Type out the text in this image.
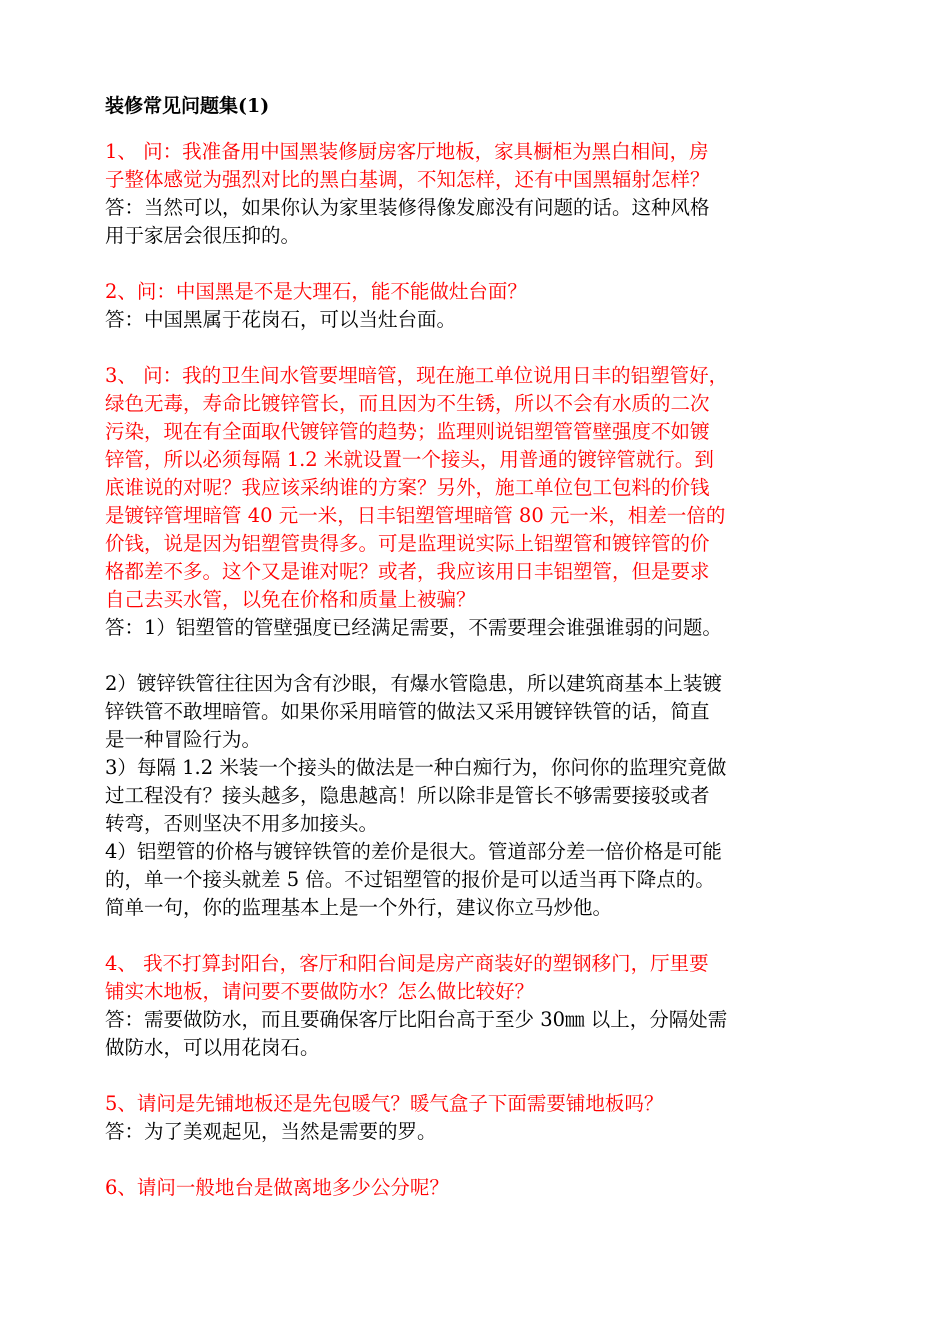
装修常见问题集(1)

1、 问：我准备用中国黑装修厨房客厅地板，家具橱柜为黑白相间，房

子整体感觉为强烈对比的黑白基调，不知怎样，还有中国黑辐射怎样？

答：当然可以，如果你认为家里装修得像发廊没有问题的话。这种风格

用于家居会很压抑的。

2、问：中国黑是不是大理石，能不能做灶台面？

答：中国黑属于花岗石，可以当灶台面。

3、 问：我的卫生间水管要埋暗管，现在施工单位说用日丰的铝塑管好，

绿色无毒，寿命比镀锌管长，而且因为不生锈，所以不会有水质的二次

污染，现在有全面取代镀锌管的趋势；监理则说铝塑管管壁强度不如镀

锌管，所以必须每隔 1.2 米就设置一个接头，用普通的镀锌管就行。到

底谁说的对呢？我应该采纳谁的方案？另外，施工单位包工包料的价钱

是镀锌管埋暗管 40 元一米，日丰铝塑管埋暗管 80 元一米，相差一倍的

价钱，说是因为铝塑管贵得多。可是监理说实际上铝塑管和镀锌管的价

格都差不多。这个又是谁对呢？或者，我应该用日丰铝塑管，但是要求

自己去买水管，以免在价格和质量上被骗？

答：1）铝塑管的管壁强度已经满足需要，不需要理会谁强谁弱的问题。

2）镀锌铁管往往因为含有沙眼，有爆水管隐患，所以建筑商基本上装镀

锌铁管不敢埋暗管。如果你采用暗管的做法又采用镀锌铁管的话，简直

是一种冒险行为。

3）每隔 1.2 米装一个接头的做法是一种白痴行为，你问你的监理究竟做

过工程没有？接头越多，隐患越高！所以除非是管长不够需要接驳或者

转弯，否则坚决不用多加接头。

4）铝塑管的价格与镀锌铁管的差价是很大。管道部分差一倍价格是可能

的，单一个接头就差 5 倍。不过铝塑管的报价是可以适当再下降点的。

简单一句，你的监理基本上是一个外行，建议你立马炒他。

4、 我不打算封阳台，客厅和阳台间是房产商装好的塑钢移门，厅里要

铺实木地板，请问要不要做防水？怎么做比较好？

答：需要做防水，而且要确保客厅比阳台高于至少 30㎜ 以上，分隔处需

做防水，可以用花岗石。

5、请问是先铺地板还是先包暖气？暖气盒子下面需要铺地板吗？

答：为了美观起见，当然是需要的罗。

6、请问一般地台是做离地多少公分呢？
